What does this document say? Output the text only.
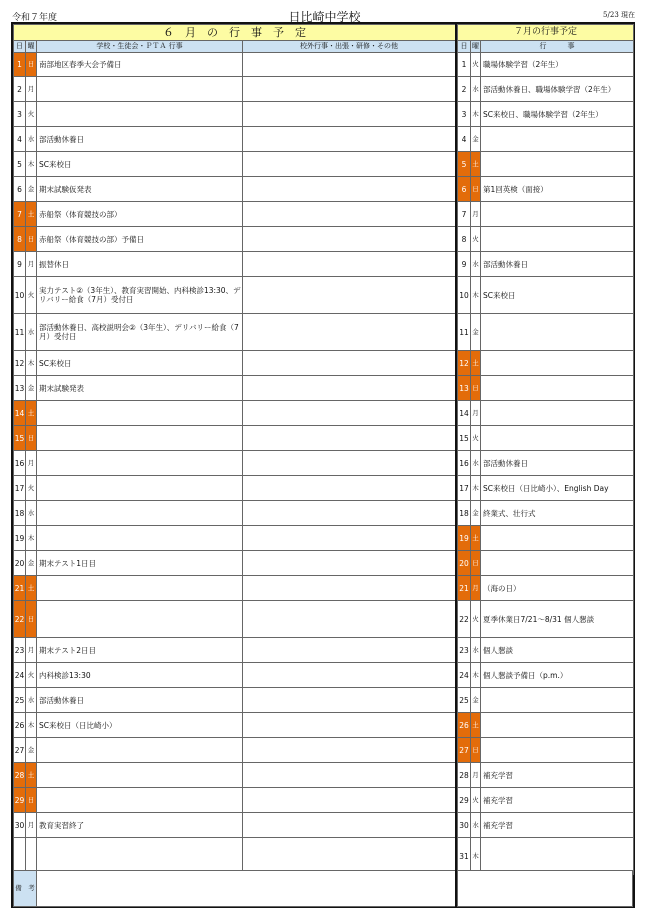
令和７年度	日比崎中学校	5/23 現在
６　月　の　行　事　予　定			
日	曜	学校・生徒会・ＰＴＡ 行事	校外行事・出張・研修・その他
1	日	南部地区春季大会予備日	
2	月		
3	火		
4	水	部活動休養日	
5	木	SC来校日	
6	金	期末試験仮発表	
7	土	赤船祭（体育競技の部）	
8	日	赤船祭（体育競技の部）予備日	
9	月	振替休日	
10	火	実力テスト②（3年生）、教育実習開始、内科検診13:30、デリバリー給食（7月）受付日	
11	水	部活動休養日、高校説明会②（3年生）、デリバリー給食（7月）受付日	
12	木	SC来校日	
13	金	期末試験発表	
14	土		
15	日		
16	月		
17	火		
18	水		
19	木		
20	金	期末テスト1日目	
21	土		
22	日		
23	月	期末テスト2日目	
24	火	内科検診13:30	
25	水	部活動休養日	
26	木	SC来校日（日比崎小）	
27	金		
28	土		
29	日		
30	月	教育実習終了	

７月の行事予定		
日	曜	行　　　事
1	火	職場体験学習（2年生）
2	水	部活動休養日、職場体験学習（2年生）
3	木	SC来校日、職場体験学習（2年生）
4	金	
5	土	
6	日	第1回英検（面接）
7	月	
8	火	
9	水	部活動休養日
10	木	SC来校日
11	金	
12	土	
13	日	
14	月	
15	火	
16	水	部活動休養日
17	木	SC来校日（日比崎小）、English Day
18	金	終業式、壮行式
19	土	
20	日	
21	月	（海の日）
22	火	夏季休業日7/21～8/31 個人懇談
23	水	個人懇談
24	木	個人懇談予備日（p.m.）
25	金	
26	土	
27	日	
28	月	補充学習
29	火	補充学習
30	水	補充学習
31	木	
備　考	
